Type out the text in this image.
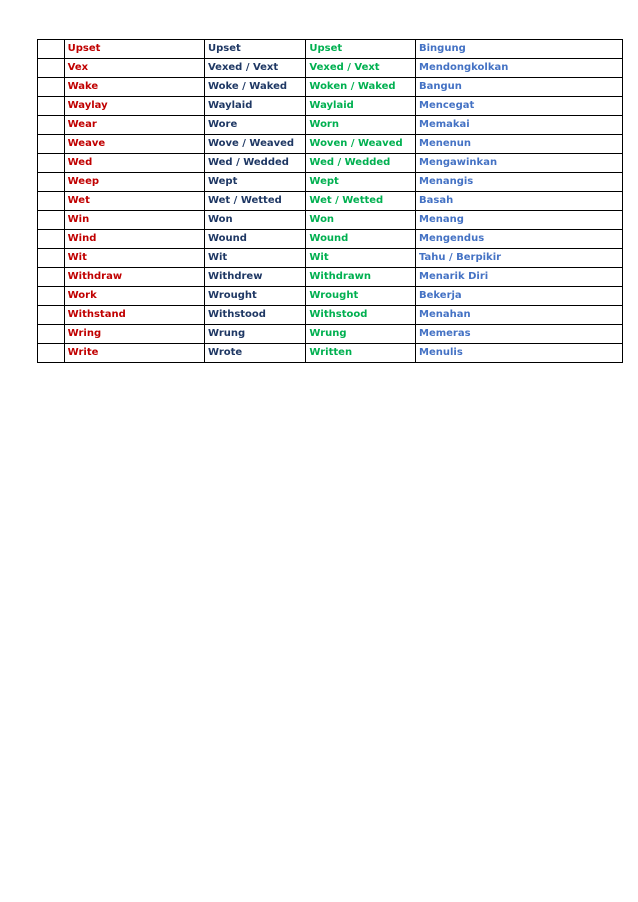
	Upset	Upset	Upset	Bingung
	Vex	Vexed / Vext	Vexed / Vext	Mendongkolkan
	Wake	Woke / Waked	Woken / Waked	Bangun
	Waylay	Waylaid	Waylaid	Mencegat
	Wear	Wore	Worn	Memakai
	Weave	Wove / Weaved	Woven / Weaved	Menenun
	Wed	Wed / Wedded	Wed / Wedded	Mengawinkan
	Weep	Wept	Wept	Menangis
	Wet	Wet / Wetted	Wet / Wetted	Basah
	Win	Won	Won	Menang
	Wind	Wound	Wound	Mengendus
	Wit	Wit	Wit	Tahu / Berpikir
	Withdraw	Withdrew	Withdrawn	Menarik Diri
	Work	Wrought	Wrought	Bekerja
	Withstand	Withstood	Withstood	Menahan
	Wring	Wrung	Wrung	Memeras
	Write	Wrote	Written	Menulis
